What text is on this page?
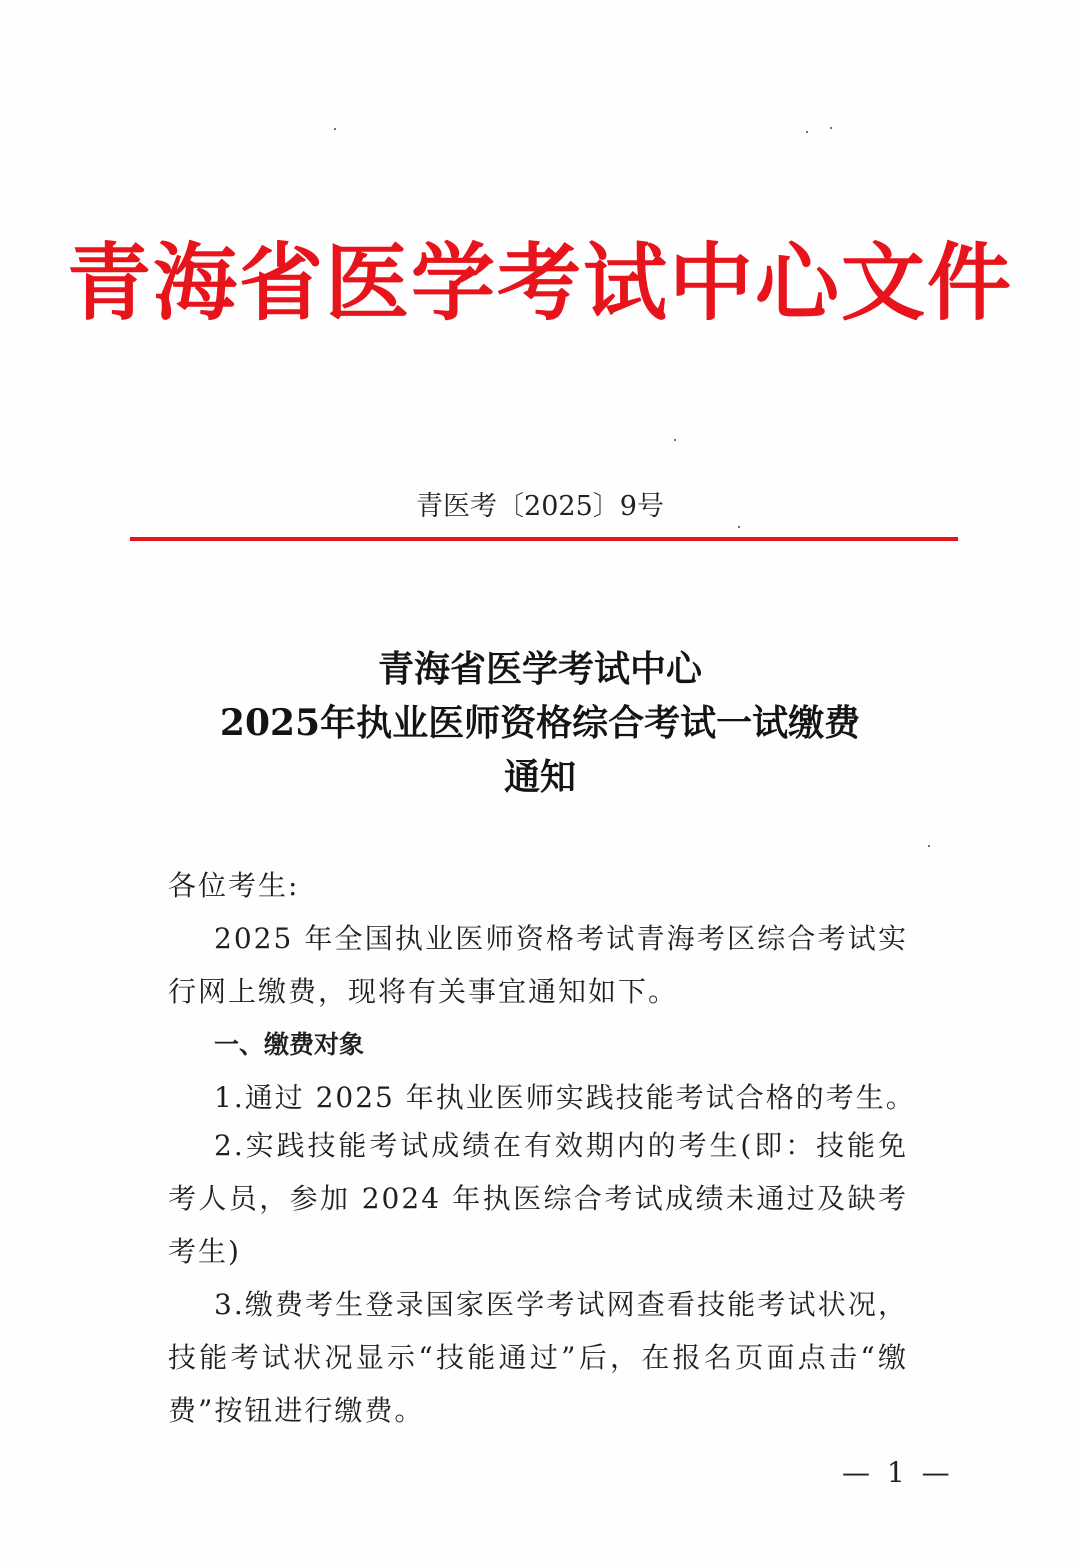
青海省医学考试中心文件
青医考〔2025〕9号
青海省医学考试中心
2025年执业医师资格综合考试一试缴费
通知
各位考生:
2025 年全国执业医师资格考试青海考区综合考试实
行网上缴费，现将有关事宜通知如下。
一、缴费对象
1.通过 2025 年执业医师实践技能考试合格的考生。
2.实践技能考试成绩在有效期内的考生(即：技能免
考人员，参加 2024 年执医综合考试成绩未通过及缺考
考生)
3.缴费考生登录国家医学考试网查看技能考试状况，
技能考试状况显示“技能通过”后，在报名页面点击“缴
费”按钮进行缴费。
— 1 —
